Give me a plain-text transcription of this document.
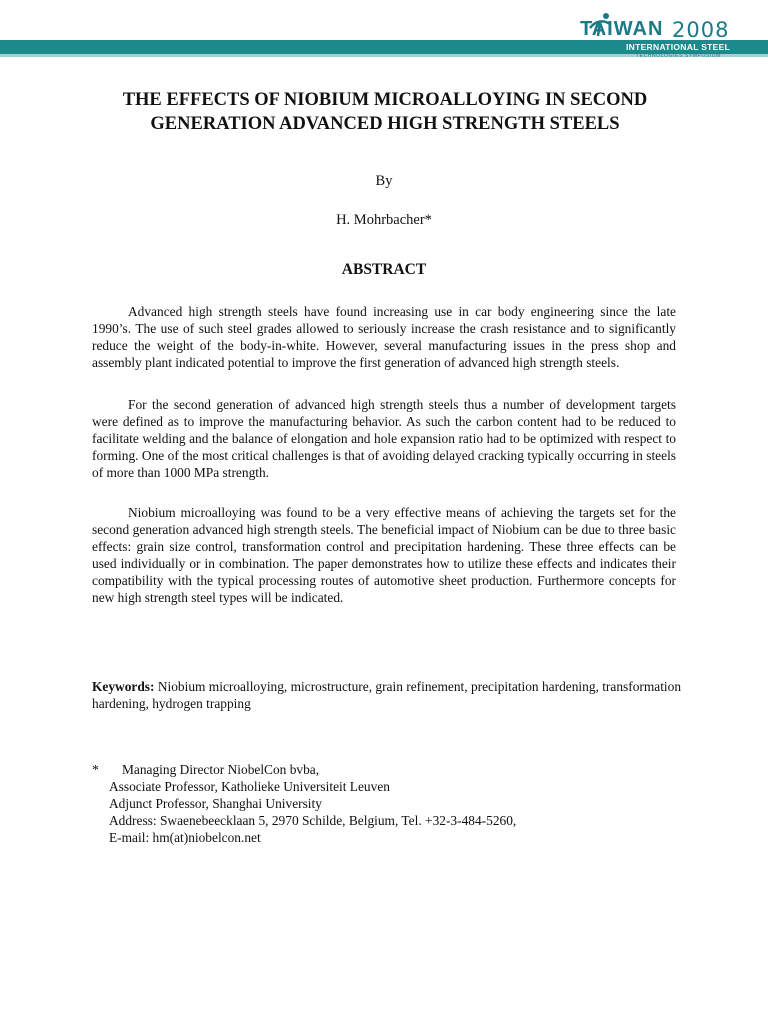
TAIWAN 2008
INTERNATIONAL STEEL
TECHNOLOGIES SYMPOSIUM
THE EFFECTS OF NIOBIUM MICROALLOYING IN SECOND GENERATION ADVANCED HIGH STRENGTH STEELS
By
H. Mohrbacher*
ABSTRACT

Advanced high strength steels have found increasing use in car body engineering since the late 1990’s. The use of such steel grades allowed to seriously increase the crash resistance and to significantly reduce the weight of the body-in-white. However, several manufacturing issues in the press shop and assembly plant indicated potential to improve the first generation of advanced high strength steels.

For the second generation of advanced high strength steels thus a number of development targets were defined as to improve the manufacturing behavior. As such the carbon content had to be reduced to facilitate welding and the balance of elongation and hole expansion ratio had to be optimized with respect to forming. One of the most critical challenges is that of avoiding delayed cracking typically occurring in steels of more than 1000 MPa strength.

Niobium microalloying was found to be a very effective means of achieving the targets set for the second generation advanced high strength steels. The beneficial impact of Niobium can be due to three basic effects: grain size control, transformation control and precipitation hardening. These three effects can be used individually or in combination. The paper demonstrates how to utilize these effects and indicates their compatibility with the typical processing routes of automotive sheet production. Furthermore concepts for new high strength steel types will be indicated.

Keywords: Niobium microalloying, microstructure, grain refinement, precipitation hardening, transformation hardening, hydrogen trapping

* Managing Director NiobelCon bvba,
Associate Professor, Katholieke Universiteit Leuven
Adjunct Professor, Shanghai University
Address: Swaenebeecklaan 5, 2970 Schilde, Belgium, Tel. +32-3-484-5260,
E-mail: hm(at)niobelcon.net
